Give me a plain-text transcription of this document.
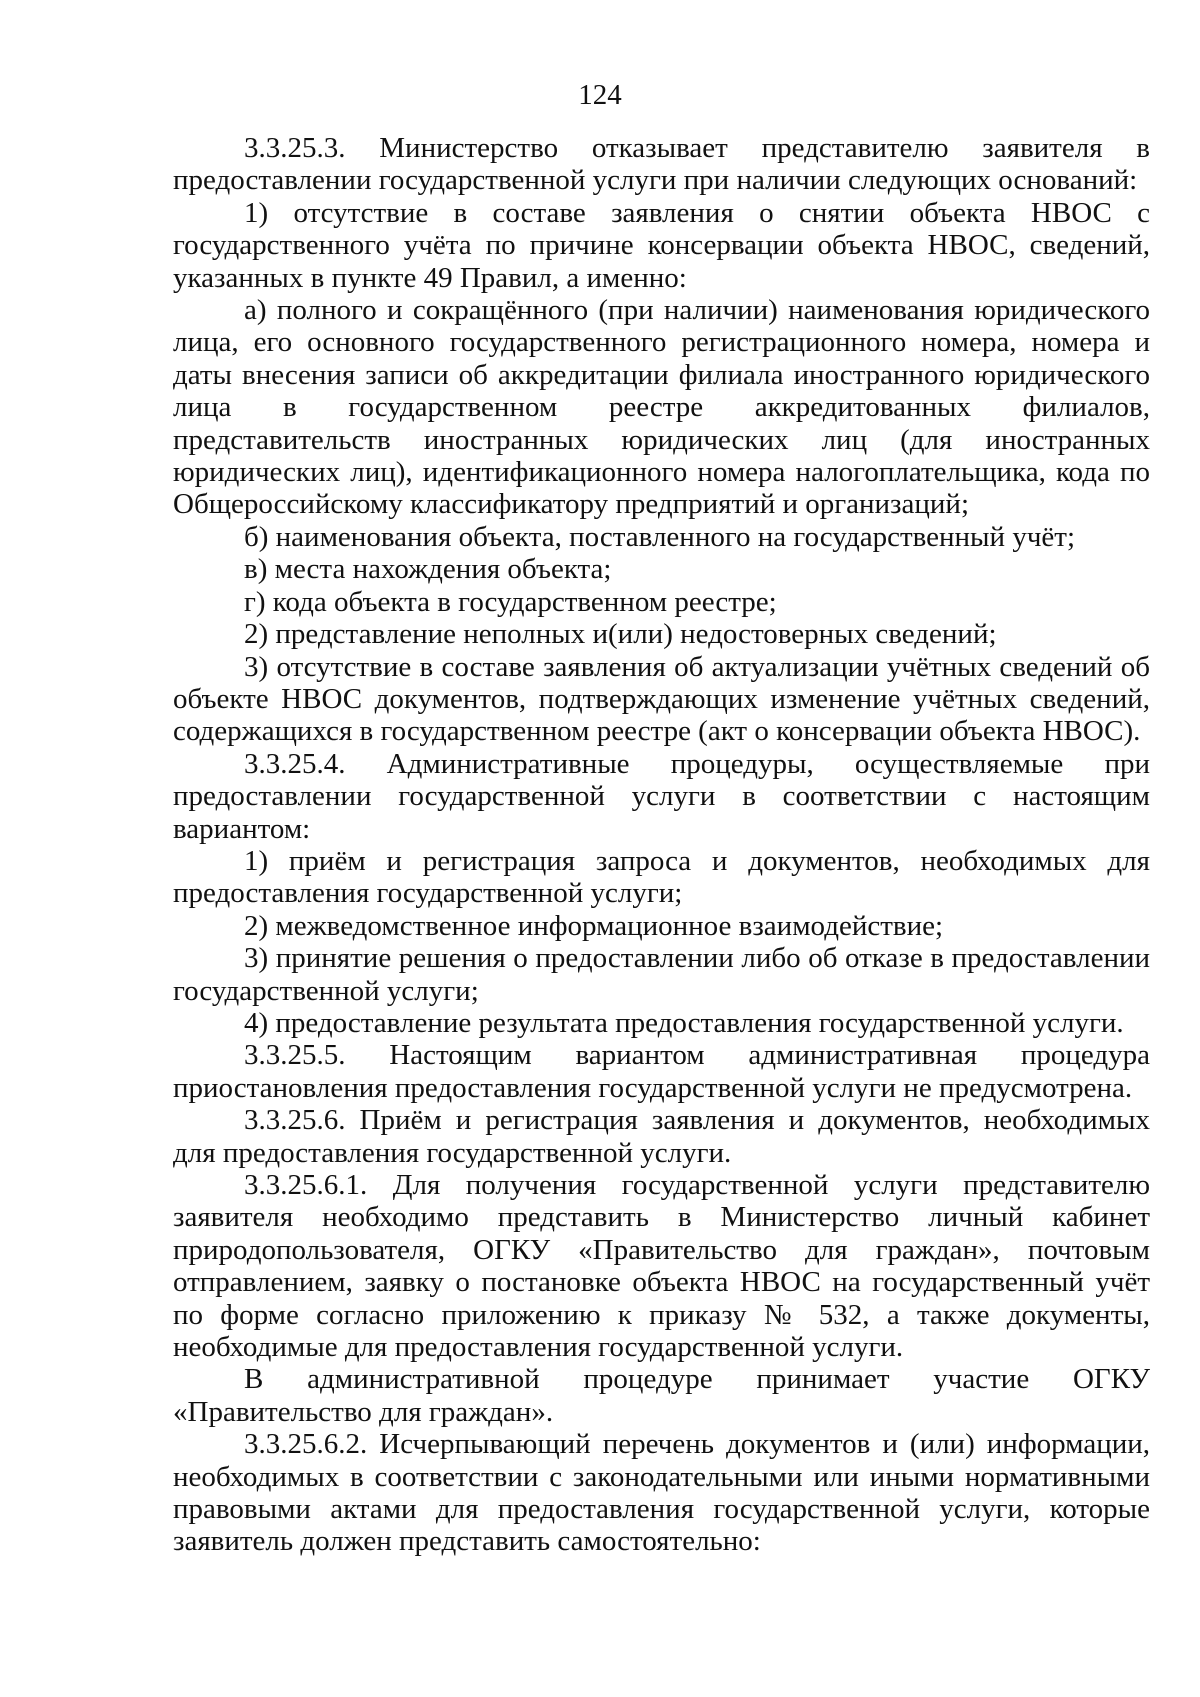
124

3.3.25.3. Министерство отказывает представителю заявителя в предоставлении государственной услуги при наличии следующих оснований:

1) отсутствие в составе заявления о снятии объекта НВОС с государственного учёта по причине консервации объекта НВОС, сведений, указанных в пункте 49 Правил, а именно:

а) полного и сокращённого (при наличии) наименования юридического лица, его основного государственного регистрационного номера, номера и даты внесения записи об аккредитации филиала иностранного юридического лица в государственном реестре аккредитованных филиалов, представительств иностранных юридических лиц (для иностранных юридических лиц), идентификационного номера налогоплательщика, кода по Общероссийскому классификатору предприятий и организаций;

б) наименования объекта, поставленного на государственный учёт;

в) места нахождения объекта;

г) кода объекта в государственном реестре;

2) представление неполных и(или) недостоверных сведений;

3) отсутствие в составе заявления об актуализации учётных сведений об объекте НВОС документов, подтверждающих изменение учётных сведений, содержащихся в государственном реестре (акт о консервации объекта НВОС).

3.3.25.4. Административные процедуры, осуществляемые при предоставлении государственной услуги в соответствии с настоящим вариантом:

1) приём и регистрация запроса и документов, необходимых для предоставления государственной услуги;

2) межведомственное информационное взаимодействие;

3) принятие решения о предоставлении либо об отказе в предоставлении государственной услуги;

4) предоставление результата предоставления государственной услуги.

3.3.25.5. Настоящим вариантом административная процедура приостановления предоставления государственной услуги не предусмотрена.

3.3.25.6. Приём и регистрация заявления и документов, необходимых для предоставления государственной услуги.

3.3.25.6.1. Для получения государственной услуги представителю заявителя необходимо представить в Министерство личный кабинет природопользователя, ОГКУ «Правительство для граждан», почтовым отправлением, заявку о постановке объекта НВОС на государственный учёт по форме согласно приложению к приказу № 532, а также документы, необходимые для предоставления государственной услуги.

В административной процедуре принимает участие ОГКУ «Правительство для граждан».

3.3.25.6.2. Исчерпывающий перечень документов и (или) информации, необходимых в соответствии с законодательными или иными нормативными правовыми актами для предоставления государственной услуги, которые заявитель должен представить самостоятельно:
